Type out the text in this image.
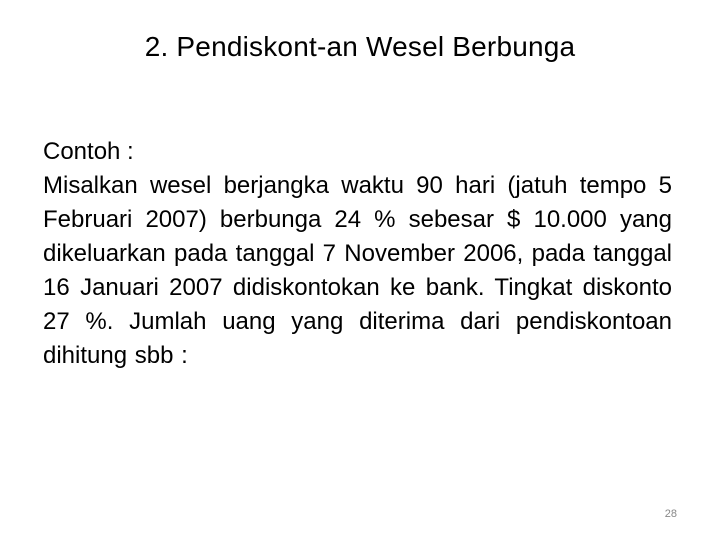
2. Pendiskont-an Wesel Berbunga
Contoh :
Misalkan wesel berjangka waktu 90 hari (jatuh tempo 5 Februari 2007) berbunga 24 % sebesar $ 10.000 yang dikeluarkan pada tanggal 7 November 2006, pada tanggal 16 Januari 2007 didiskontokan ke bank. Tingkat diskonto 27 %. Jumlah uang yang diterima dari pendiskontoan dihitung sbb :
28
